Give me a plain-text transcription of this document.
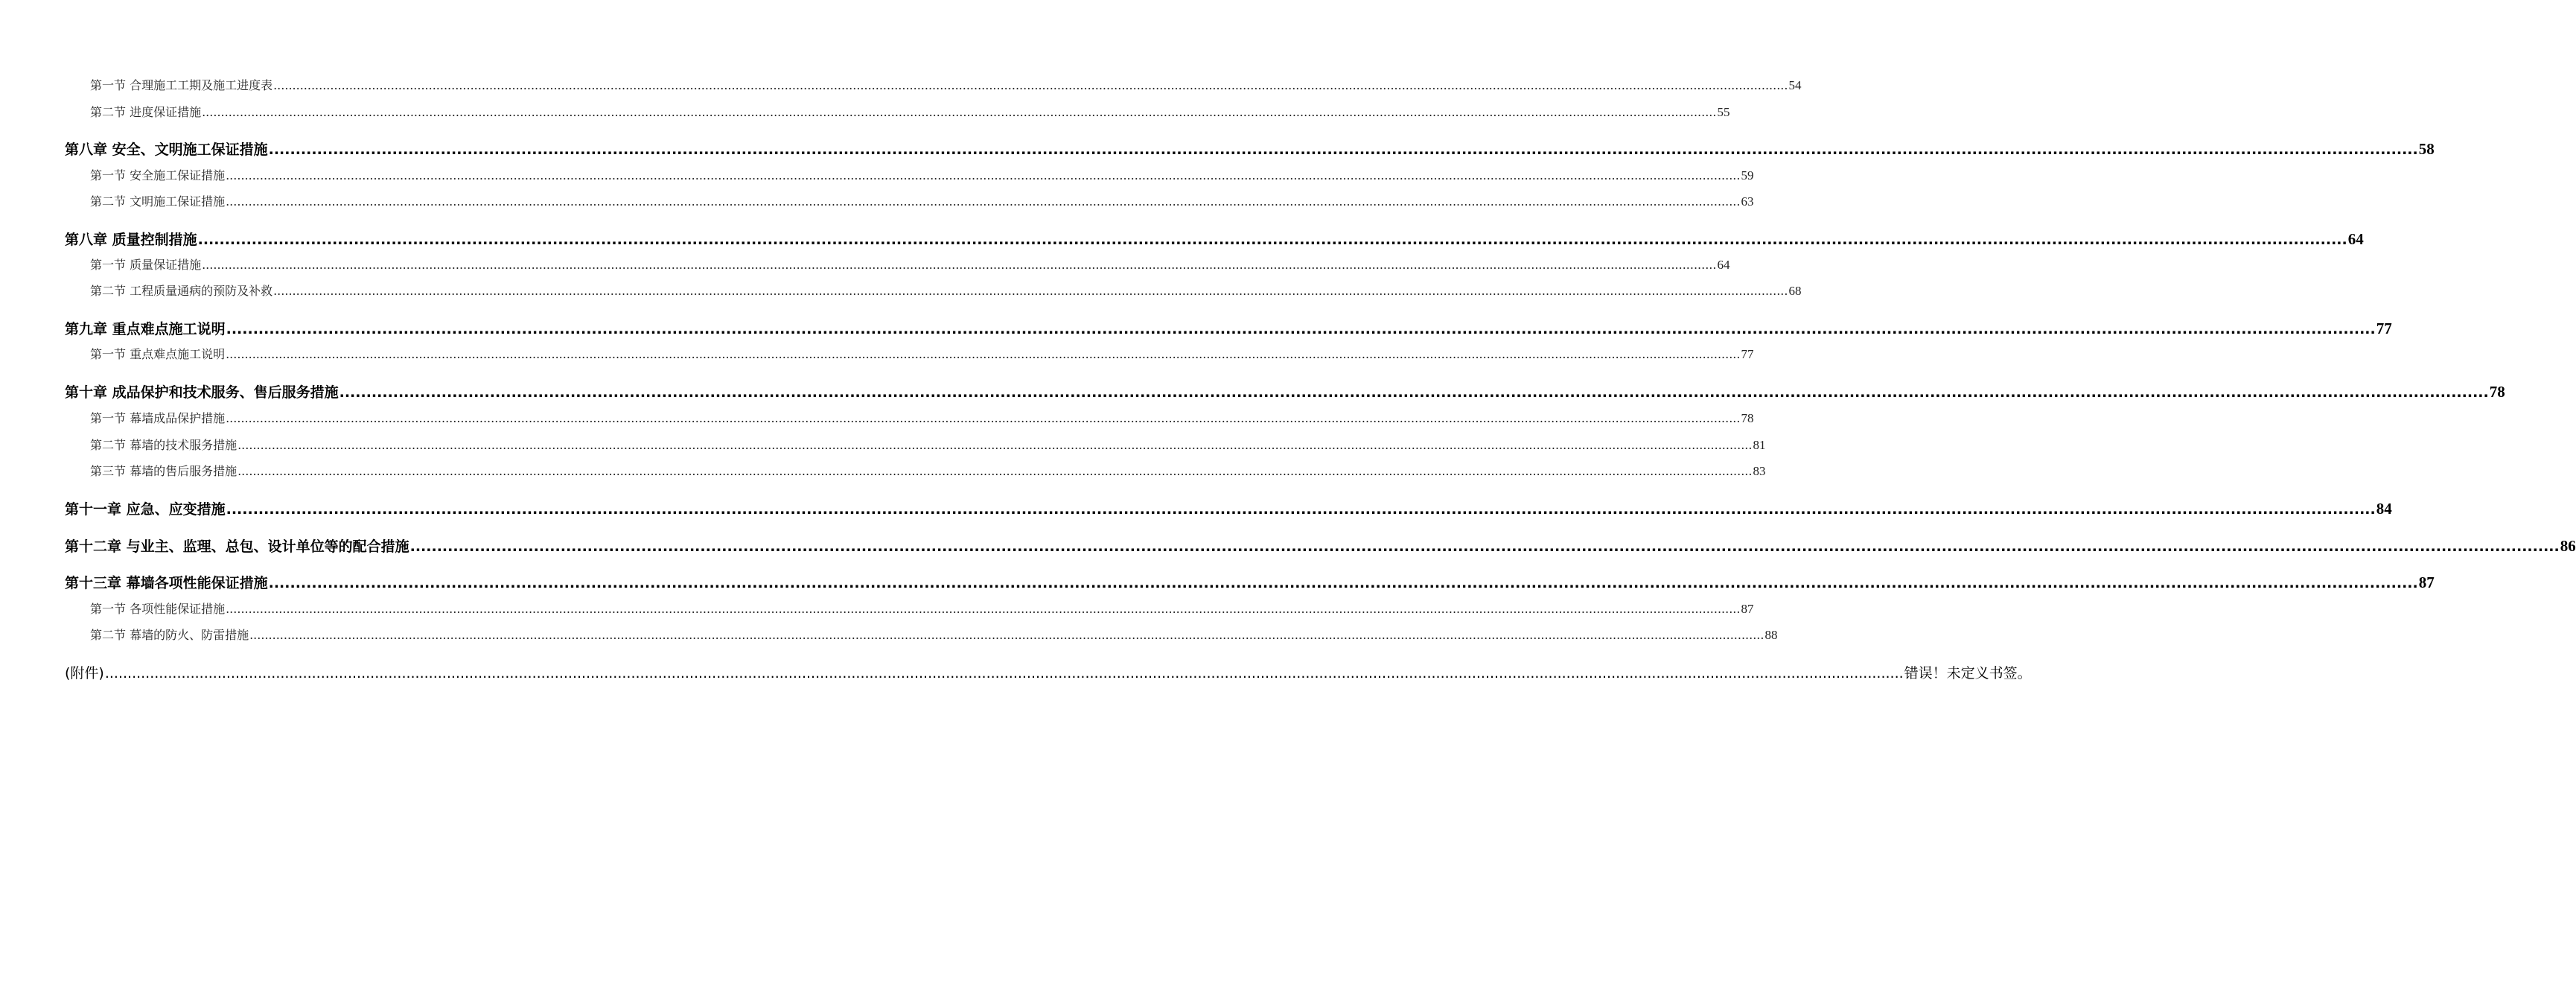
第一节 合理施工工期及施工进度表 ................................................................................................................................................................................................................................................................................................................................................................................................................ 54
第二节 进度保证措施 ................................................................................................................................................................................................................................................................................................................................................................................................................ 55
第八章 安全、文明施工保证措施 ................................................................................................................................................................................................................................................................................................................................................................................................................ 58
第一节 安全施工保证措施 ................................................................................................................................................................................................................................................................................................................................................................................................................ 59
第二节 文明施工保证措施 ................................................................................................................................................................................................................................................................................................................................................................................................................ 63
第八章 质量控制措施 ................................................................................................................................................................................................................................................................................................................................................................................................................ 64
第一节 质量保证措施 ................................................................................................................................................................................................................................................................................................................................................................................................................ 64
第二节 工程质量通病的预防及补救 ................................................................................................................................................................................................................................................................................................................................................................................................................ 68
第九章 重点难点施工说明 ................................................................................................................................................................................................................................................................................................................................................................................................................ 77
第一节 重点难点施工说明 ................................................................................................................................................................................................................................................................................................................................................................................................................ 77
第十章 成品保护和技术服务、售后服务措施 ................................................................................................................................................................................................................................................................................................................................................................................................................ 78
第一节 幕墙成品保护措施 ................................................................................................................................................................................................................................................................................................................................................................................................................ 78
第二节 幕墙的技术服务措施 ................................................................................................................................................................................................................................................................................................................................................................................................................ 81
第三节 幕墙的售后服务措施 ................................................................................................................................................................................................................................................................................................................................................................................................................ 83
第十一章 应急、应变措施 ................................................................................................................................................................................................................................................................................................................................................................................................................ 84
第十二章 与业主、监理、总包、设计单位等的配合措施 ................................................................................................................................................................................................................................................................................................................................................................................................................ 86
第十三章 幕墙各项性能保证措施 ................................................................................................................................................................................................................................................................................................................................................................................................................ 87
第一节 各项性能保证措施 ................................................................................................................................................................................................................................................................................................................................................................................................................ 87
第二节 幕墙的防火、防雷措施 ................................................................................................................................................................................................................................................................................................................................................................................................................ 88
(附件) ................................................................................................................................................................................................................................................................................................................................................................................................................ 错误！未定义书签。
